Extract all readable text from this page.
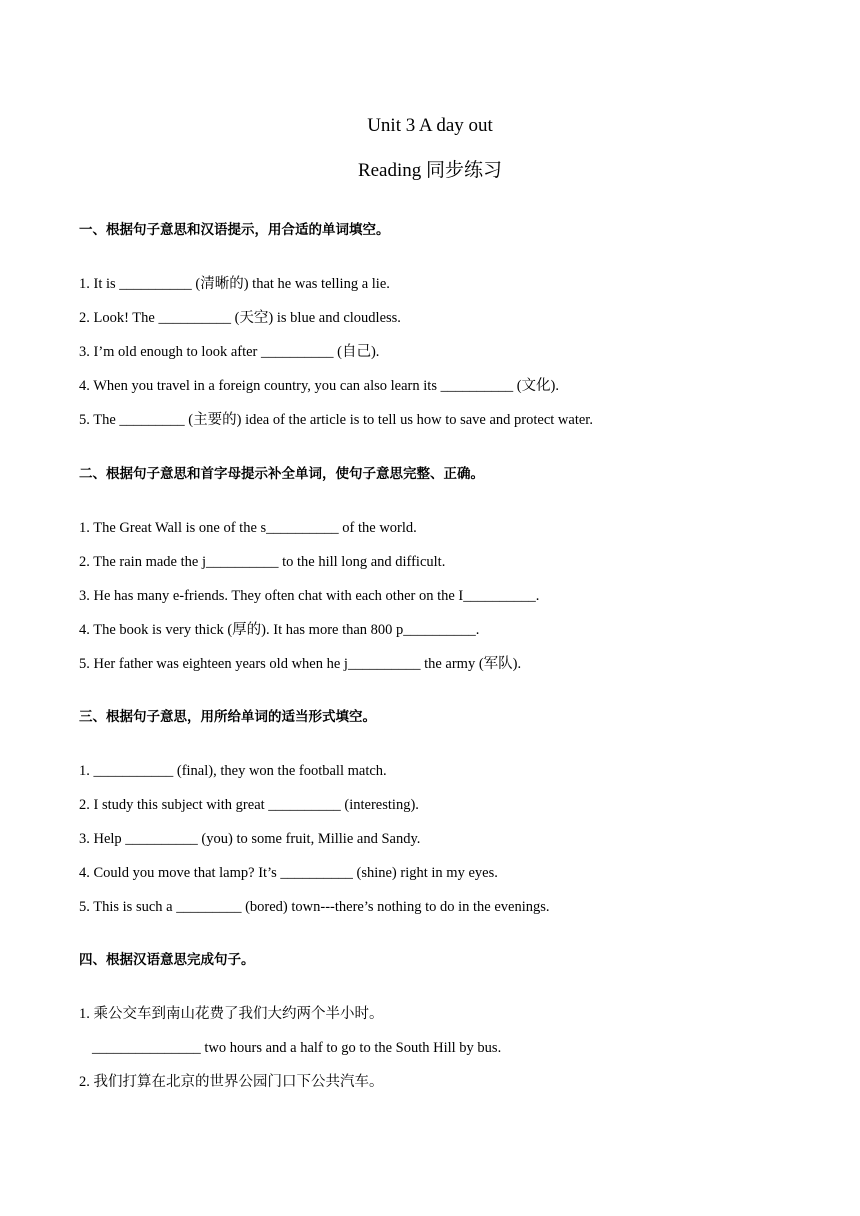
Unit 3 A day out
Reading 同步练习
一、根据句子意思和汉语提示，用合适的单词填空。
1. It is __________ (清晰的) that he was telling a lie.
2. Look! The __________ (天空) is blue and cloudless.
3. I’m old enough to look after __________ (自己).
4. When you travel in a foreign country, you can also learn its __________ (文化).
5. The _________ (主要的) idea of the article is to tell us how to save and protect water.
二、根据句子意思和首字母提示补全单词，使句子意思完整、正确。
1. The Great Wall is one of the s__________ of the world.
2. The rain made the j__________ to the hill long and difficult.
3. He has many e-friends. They often chat with each other on the I__________.
4. The book is very thick (厚的). It has more than 800 p__________.
5. Her father was eighteen years old when he j__________ the army (军队).
三、根据句子意思，用所给单词的适当形式填空。
1. ___________ (final), they won the football match.
2. I study this subject with great __________ (interesting).
3. Help __________ (you) to some fruit, Millie and Sandy.
4. Could you move that lamp? It’s __________ (shine) right in my eyes.
5. This is such a _________ (bored) town---there’s nothing to do in the evenings.
四、根据汉语意思完成句子。
1. 乘公交车到南山花费了我们大约两个半小时。
_______________ two hours and a half to go to the South Hill by bus.
2. 我们打算在北京的世界公园门口下公共汽车。
